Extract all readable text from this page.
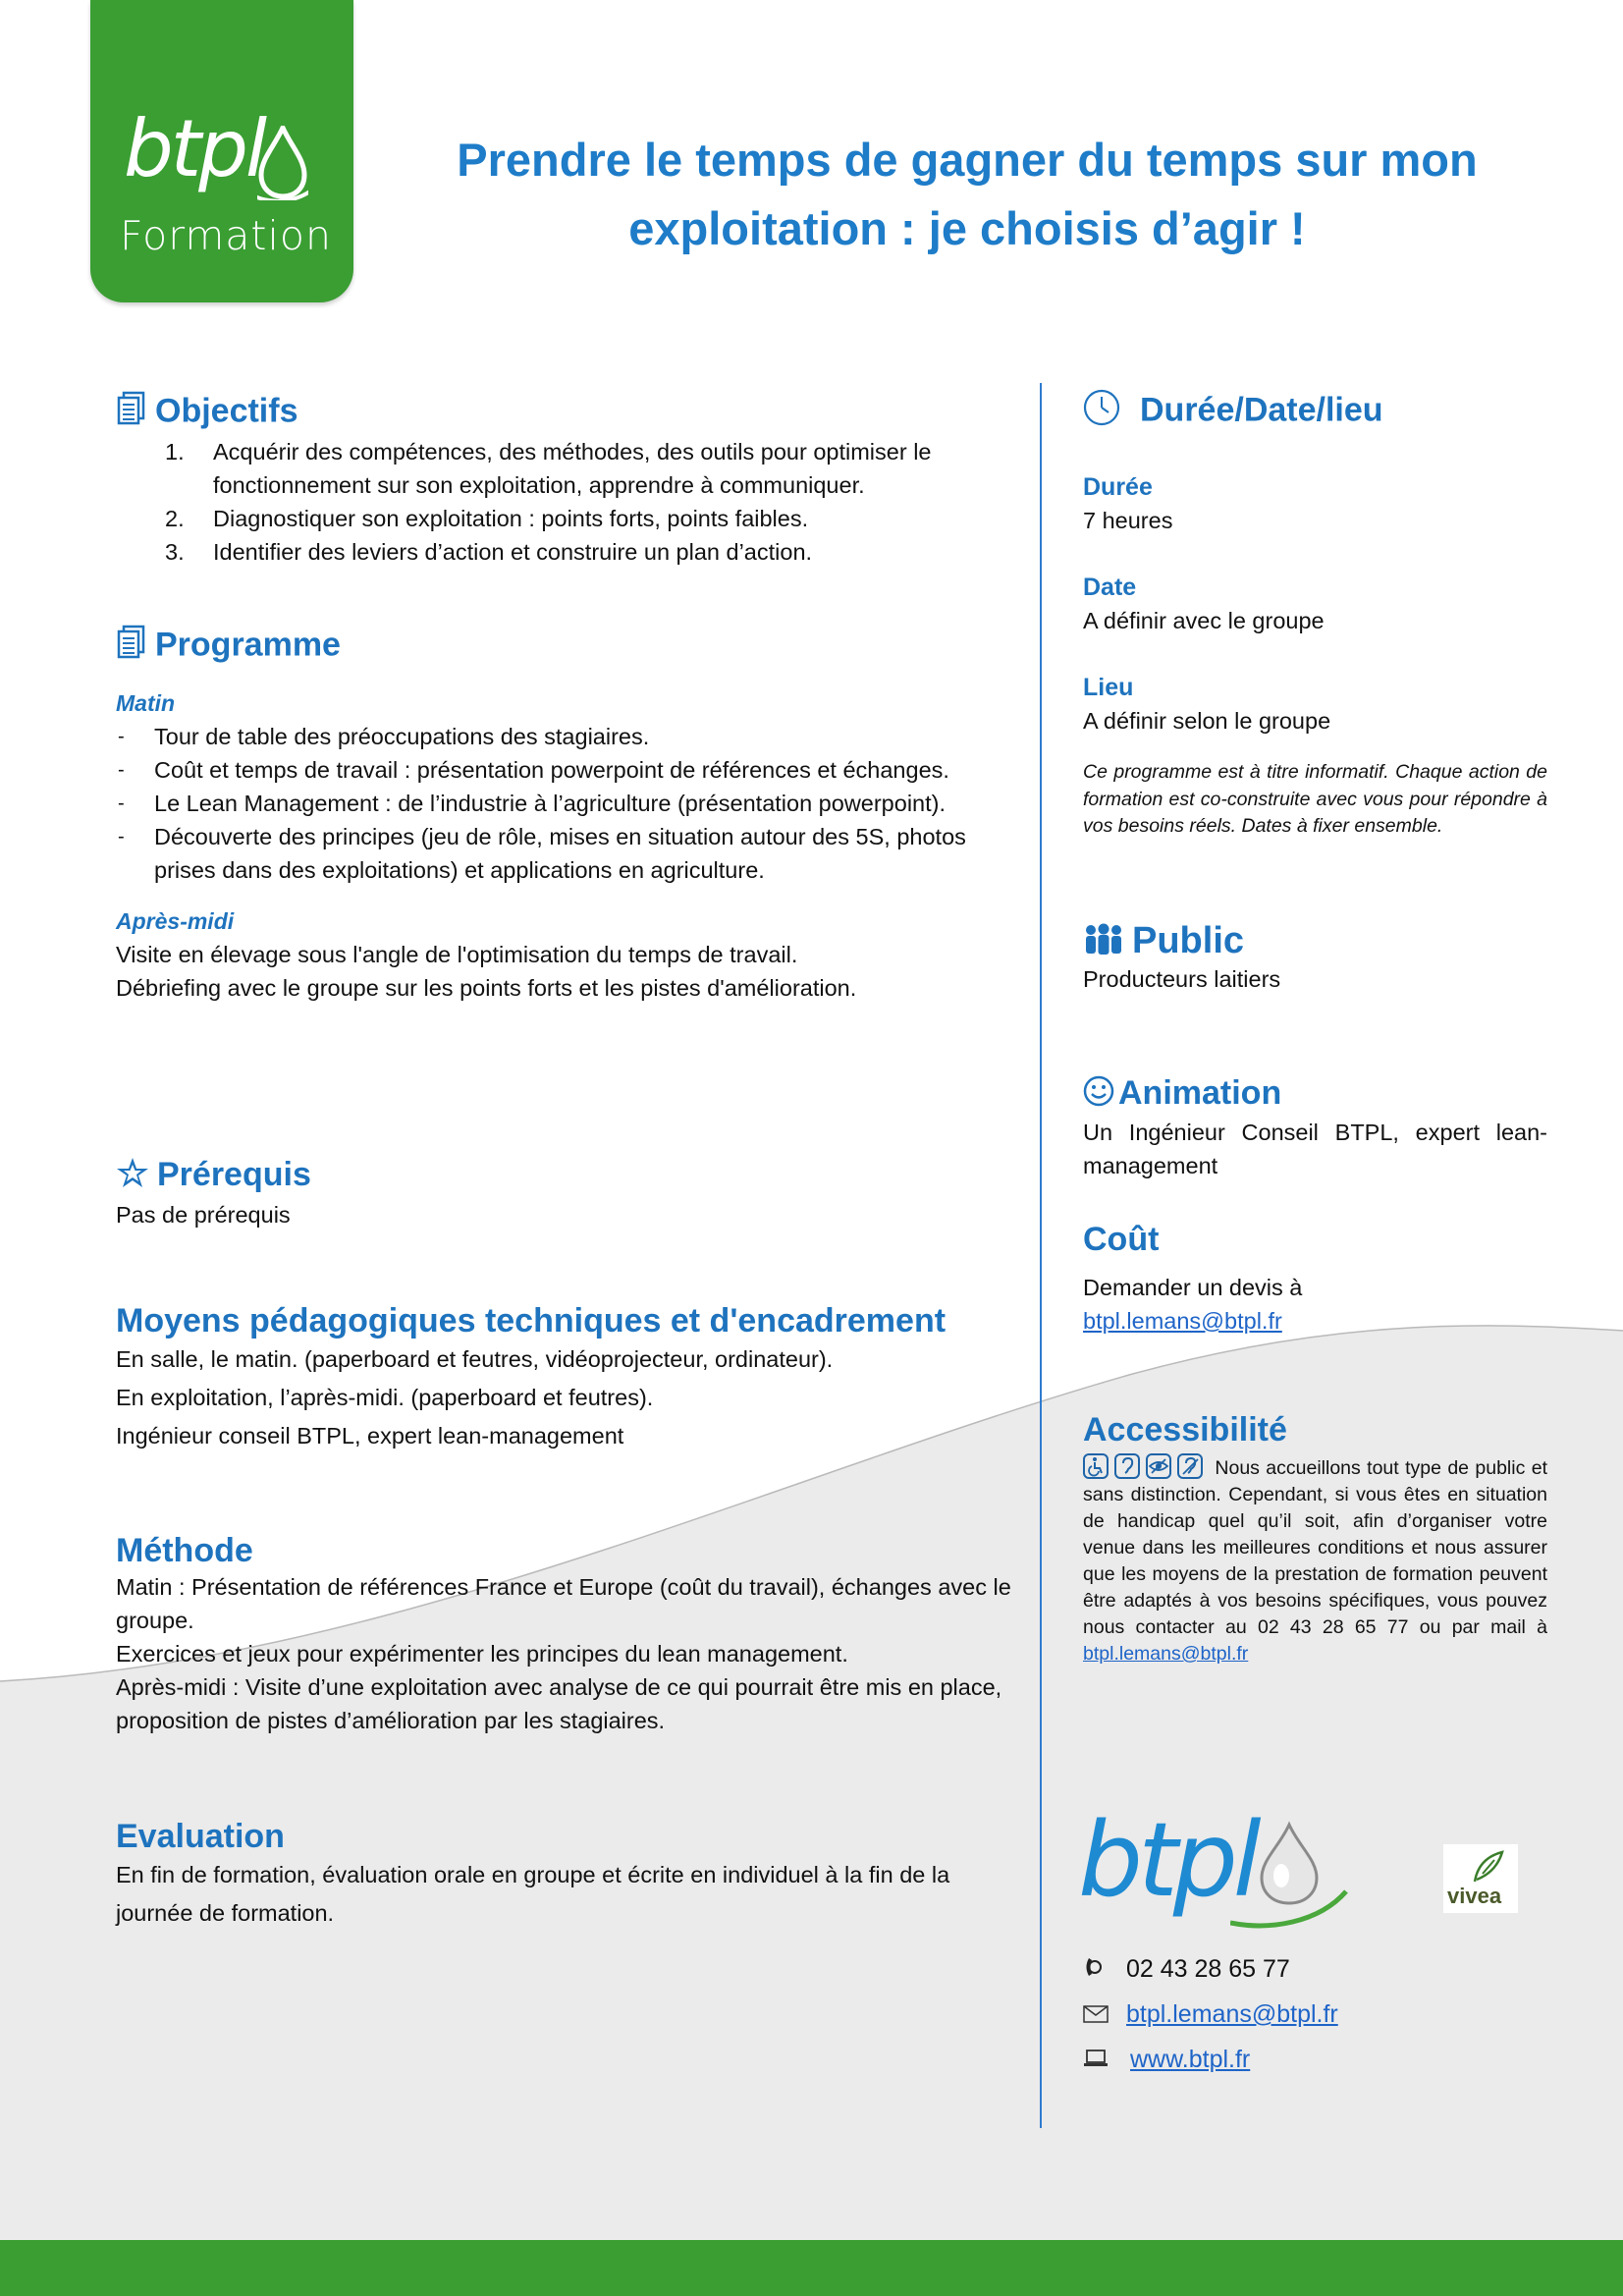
btpl
Formation
Prendre le temps de gagner du temps sur mon
exploitation : je choisis d’agir !
Objectifs
1. Acquérir des compétences, des méthodes, des outils pour optimiser le fonctionnement sur son exploitation, apprendre à communiquer.
2. Diagnostiquer son exploitation : points forts, points faibles.
3. Identifier des leviers d’action et construire un plan d’action.
Programme
Matin
- Tour de table des préoccupations des stagiaires.
- Coût et temps de travail : présentation powerpoint de références et échanges.
- Le Lean Management : de l’industrie à l’agriculture (présentation powerpoint).
- Découverte des principes (jeu de rôle, mises en situation autour des 5S, photos prises dans des exploitations) et applications en agriculture.
Après-midi
Visite en élevage sous l'angle de l'optimisation du temps de travail.
Débriefing avec le groupe sur les points forts et les pistes d'amélioration.
Prérequis
Pas de prérequis
Moyens pédagogiques techniques et d'encadrement
En salle, le matin. (paperboard et feutres, vidéoprojecteur, ordinateur).
En exploitation, l’après-midi. (paperboard et feutres).
Ingénieur conseil BTPL, expert lean-management
Méthode
Matin : Présentation de références France et Europe (coût du travail), échanges avec le groupe.
Exercices et jeux pour expérimenter les principes du lean management.
Après-midi : Visite d’une exploitation avec analyse de ce qui pourrait être mis en place, proposition de pistes d’amélioration par les stagiaires.
Evaluation
En fin de formation, évaluation orale en groupe et écrite en individuel à la fin de la journée de formation.
Durée/Date/lieu
Durée
7 heures
Date
A définir avec le groupe
Lieu
A définir selon le groupe
Ce programme est à titre informatif. Chaque action de formation est co-construite avec vous pour répondre à vos besoins réels. Dates à fixer ensemble.
Public
Producteurs laitiers
Animation
Un Ingénieur Conseil BTPL, expert lean-management
Coût
Demander un devis à
btpl.lemans@btpl.fr
Accessibilité
Nous accueillons tout type de public et sans distinction. Cependant, si vous êtes en situation de handicap quel qu’il soit, afin d’organiser votre venue dans les meilleures conditions et nous assurer que les moyens de la prestation de formation peuvent être adaptés à vos besoins spécifiques, vous pouvez nous contacter au 02 43 28 65 77 ou par mail à btpl.lemans@btpl.fr
btpl	vivea
02 43 28 65 77
btpl.lemans@btpl.fr
www.btpl.fr
